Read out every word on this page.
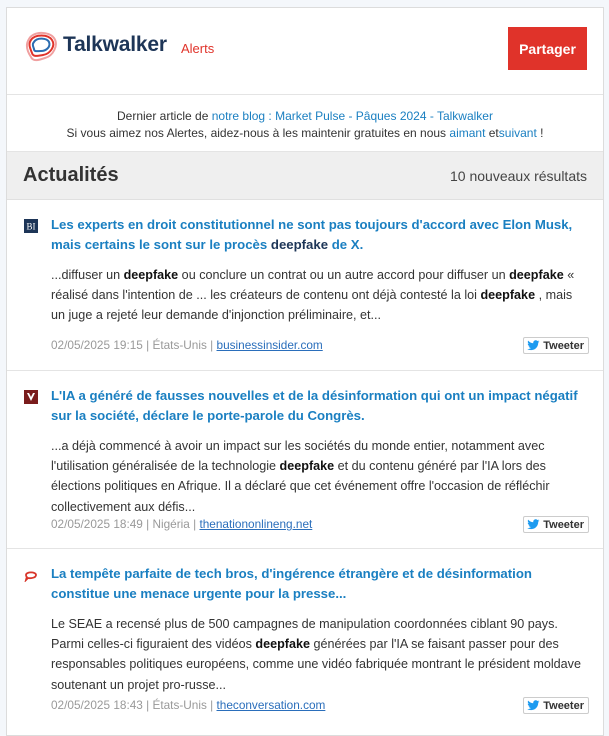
Talkwalker Alerts	Partager
Dernier article de notre blog : Market Pulse - Pâques 2024 - Talkwalker
Si vous aimez nos Alertes, aidez-nous à les maintenir gratuites en nous aimant etsuivant !
Actualités	10 nouveaux résultats
BI Les experts en droit constitutionnel ne sont pas toujours d'accord avec Elon Musk, mais certains le sont sur le procès deepfake de X.
...diffuser un deepfake ou conclure un contrat ou un autre accord pour diffuser un deepfake « réalisé dans l'intention de ... les créateurs de contenu ont déjà contesté la loi deepfake , mais un juge a rejeté leur demande d'injonction préliminaire, et...
02/05/2025 19:15 | États-Unis | businessinsider.com	Tweeter
L'IA a généré de fausses nouvelles et de la désinformation qui ont un impact négatif sur la société, déclare le porte-parole du Congrès.
...a déjà commencé à avoir un impact sur les sociétés du monde entier, notamment avec l'utilisation généralisée de la technologie deepfake et du contenu généré par l'IA lors des élections politiques en Afrique. Il a déclaré que cet événement offre l'occasion de réfléchir collectivement aux défis...
02/05/2025 18:49 | Nigéria | thenationonlineng.net	Tweeter
La tempête parfaite de tech bros, d'ingérence étrangère et de désinformation constitue une menace urgente pour la presse...
Le SEAE a recensé plus de 500 campagnes de manipulation coordonnées ciblant 90 pays. Parmi celles-ci figuraient des vidéos deepfake générées par l'IA se faisant passer pour des responsables politiques européens, comme une vidéo fabriquée montrant le président moldave soutenant un projet pro-russe...
02/05/2025 18:43 | États-Unis | theconversation.com	Tweeter
